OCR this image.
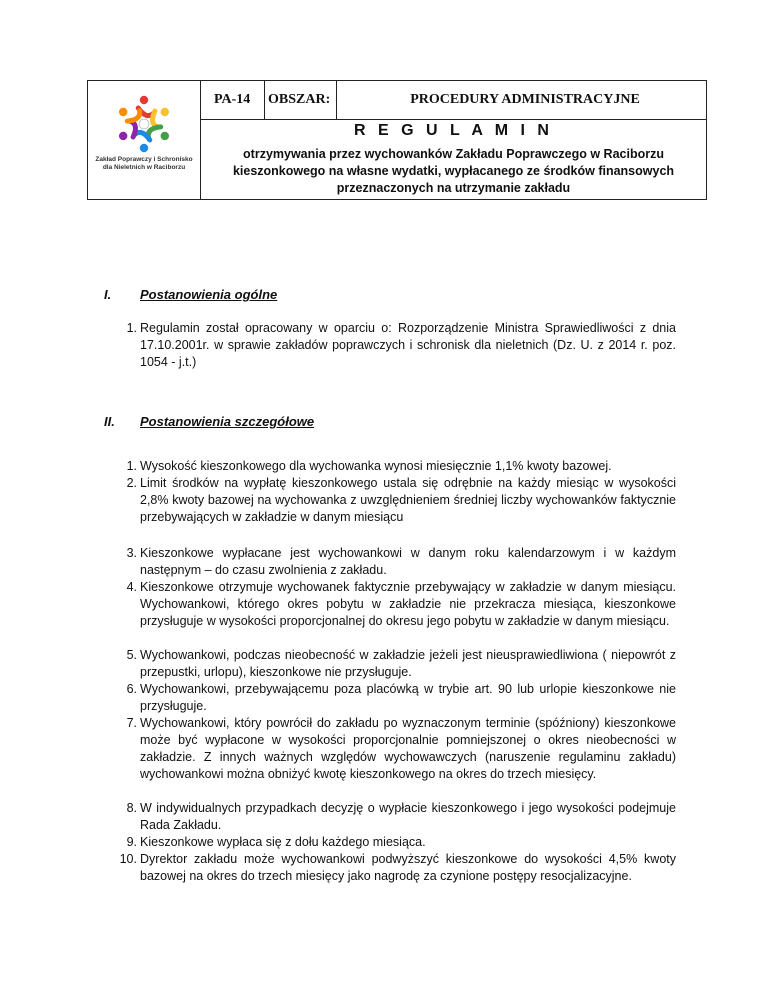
Zakład Poprawczy i Schronisko dla Nieletnich w Raciborzu
PA-14 OBSZAR:	PROCEDURY ADMINISTRACYJNE
R E G U L A M I N
otrzymywania przez wychowanków Zakładu Poprawczego w Raciborzu kieszonkowego na własne wydatki, wypłacanego ze środków finansowych przeznaczonych na utrzymanie zakładu
I. Postanowienia ogólne
1. Regulamin został opracowany w oparciu o: Rozporządzenie Ministra Sprawiedliwości z dnia 17.10.2001r. w sprawie zakładów poprawczych i schronisk dla nieletnich (Dz. U. z 2014 r. poz. 1054 - j.t.)
II. Postanowienia szczegółowe
1. Wysokość kieszonkowego dla wychowanka wynosi miesięcznie 1,1% kwoty bazowej.
2. Limit środków na wypłatę kieszonkowego ustala się odrębnie na każdy miesiąc w wysokości 2,8% kwoty bazowej na wychowanka z uwzględnieniem średniej liczby wychowanków faktycznie przebywających w zakładzie w danym miesiącu
3. Kieszonkowe wypłacane jest wychowankowi w danym roku kalendarzowym i w każdym następnym – do czasu zwolnienia z zakładu.
4. Kieszonkowe otrzymuje wychowanek faktycznie przebywający w zakładzie w danym miesiącu. Wychowankowi, którego okres pobytu w zakładzie nie przekracza miesiąca, kieszonkowe przysługuje w wysokości proporcjonalnej do okresu jego pobytu w zakładzie w danym miesiącu.
5. Wychowankowi, podczas nieobecność w zakładzie jeżeli jest nieusprawiedliwiona ( niepowrót z przepustki, urlopu), kieszonkowe nie przysługuje.
6. Wychowankowi, przebywającemu poza placówką w trybie art. 90 lub urlopie kieszonkowe nie przysługuje.
7. Wychowankowi, który powrócił do zakładu po wyznaczonym terminie (spóźniony) kieszonkowe może być wypłacone w wysokości proporcjonalnie pomniejszonej o okres nieobecności w zakładzie. Z innych ważnych względów wychowawczych (naruszenie regulaminu zakładu) wychowankowi można obniżyć kwotę kieszonkowego na okres do trzech miesięcy.
8. W indywidualnych przypadkach decyzję o wypłacie kieszonkowego i jego wysokości podejmuje Rada Zakładu.
9. Kieszonkowe wypłaca się z dołu każdego miesiąca.
10. Dyrektor zakładu może wychowankowi podwyższyć kieszonkowe do wysokości 4,5% kwoty bazowej na okres do trzech miesięcy jako nagrodę za czynione postępy resocjalizacyjne.
